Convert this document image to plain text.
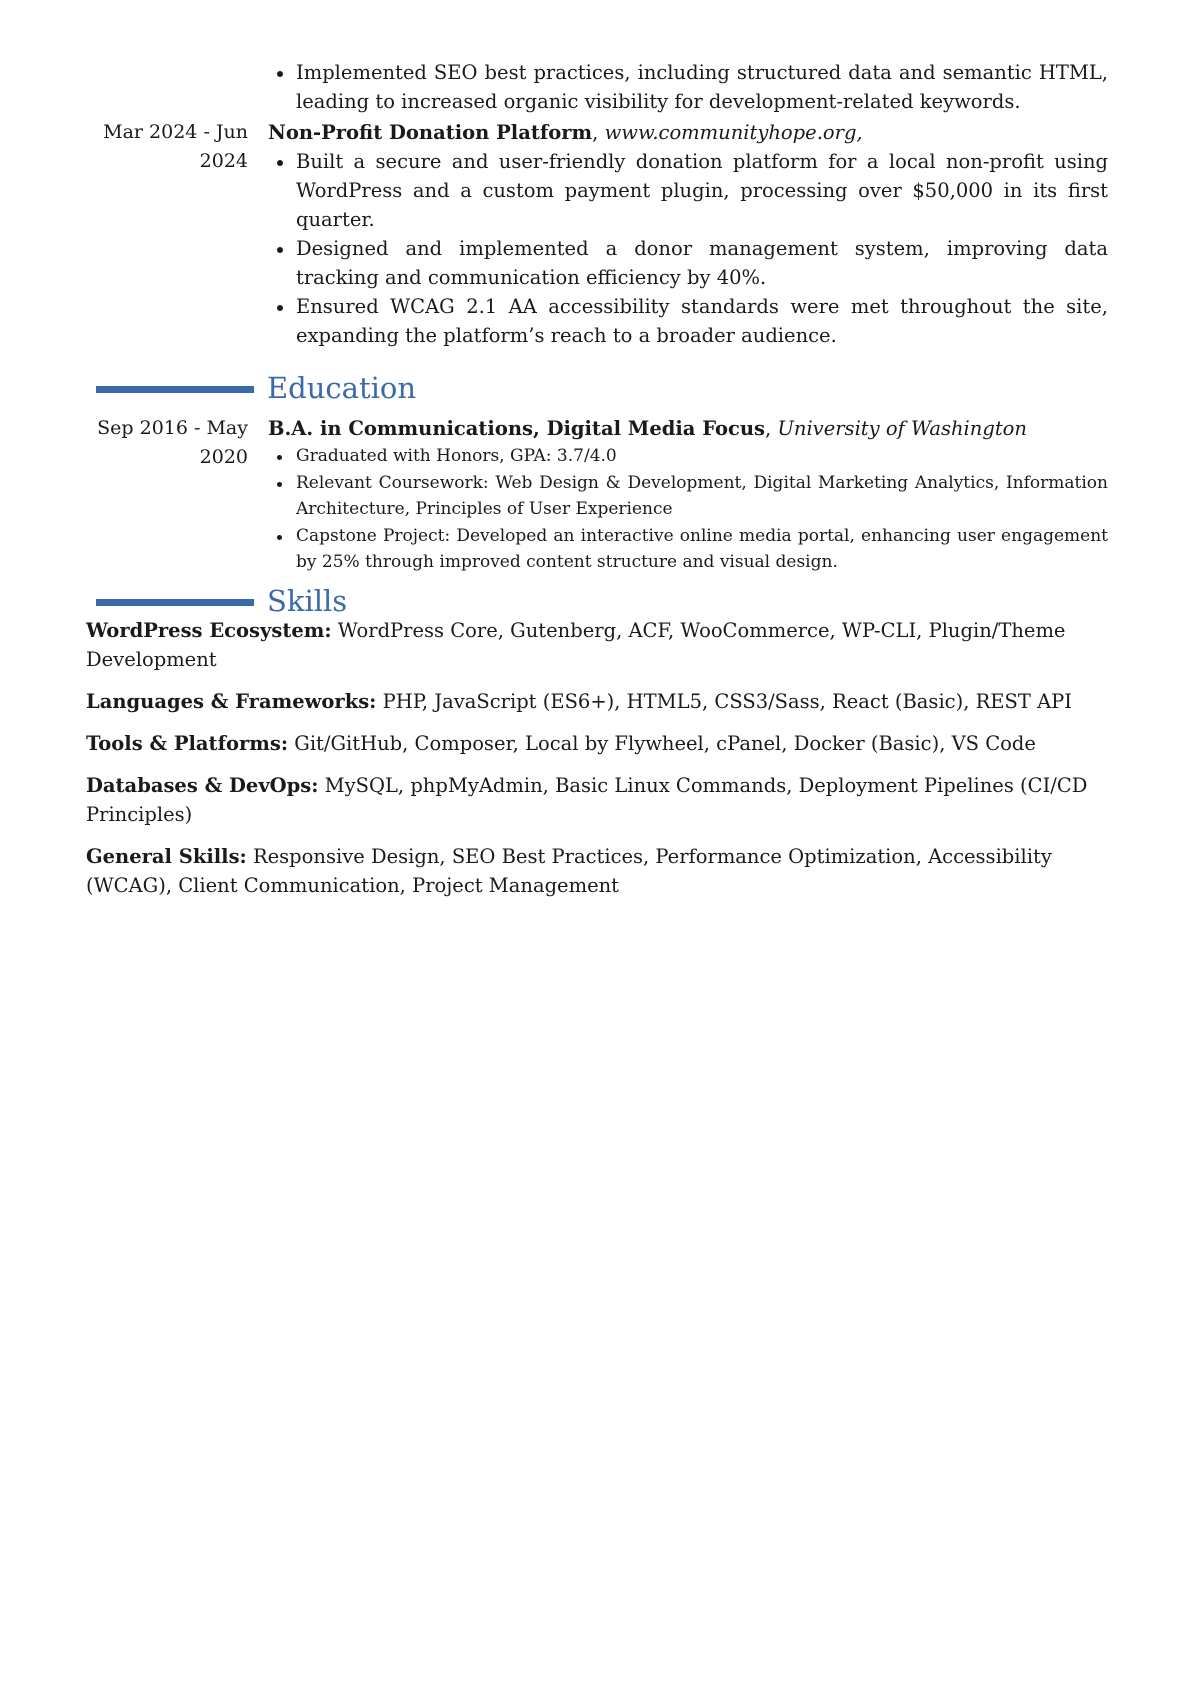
Implemented SEO best practices, including structured data and semantic HTML, leading to increased organic visibility for development-related keywords.
Mar 2024 - Jun 2024
Non-Profit Donation Platform, www.communityhope.org,
Built a secure and user-friendly donation platform for a local non-profit using WordPress and a custom payment plugin, processing over $50,000 in its first quarter.
Designed and implemented a donor management system, improving data tracking and communication efficiency by 40%.
Ensured WCAG 2.1 AA accessibility standards were met throughout the site, expanding the platform’s reach to a broader audience.
Education
Sep 2016 - May 2020
B.A. in Communications, Digital Media Focus, University of Washington
Graduated with Honors, GPA: 3.7/4.0
Relevant Coursework: Web Design & Development, Digital Marketing Analytics, Information Architecture, Principles of User Experience
Capstone Project: Developed an interactive online media portal, enhancing user engagement by 25% through improved content structure and visual design.
Skills

WordPress Ecosystem: WordPress Core, Gutenberg, ACF, WooCommerce, WP-CLI, Plugin/Theme Development

Languages & Frameworks: PHP, JavaScript (ES6+), HTML5, CSS3/Sass, React (Basic), REST API

Tools & Platforms: Git/GitHub, Composer, Local by Flywheel, cPanel, Docker (Basic), VS Code

Databases & DevOps: MySQL, phpMyAdmin, Basic Linux Commands, Deployment Pipelines (CI/CD Principles)

General Skills: Responsive Design, SEO Best Practices, Performance Optimization, Accessibility (WCAG), Client Communication, Project Management
